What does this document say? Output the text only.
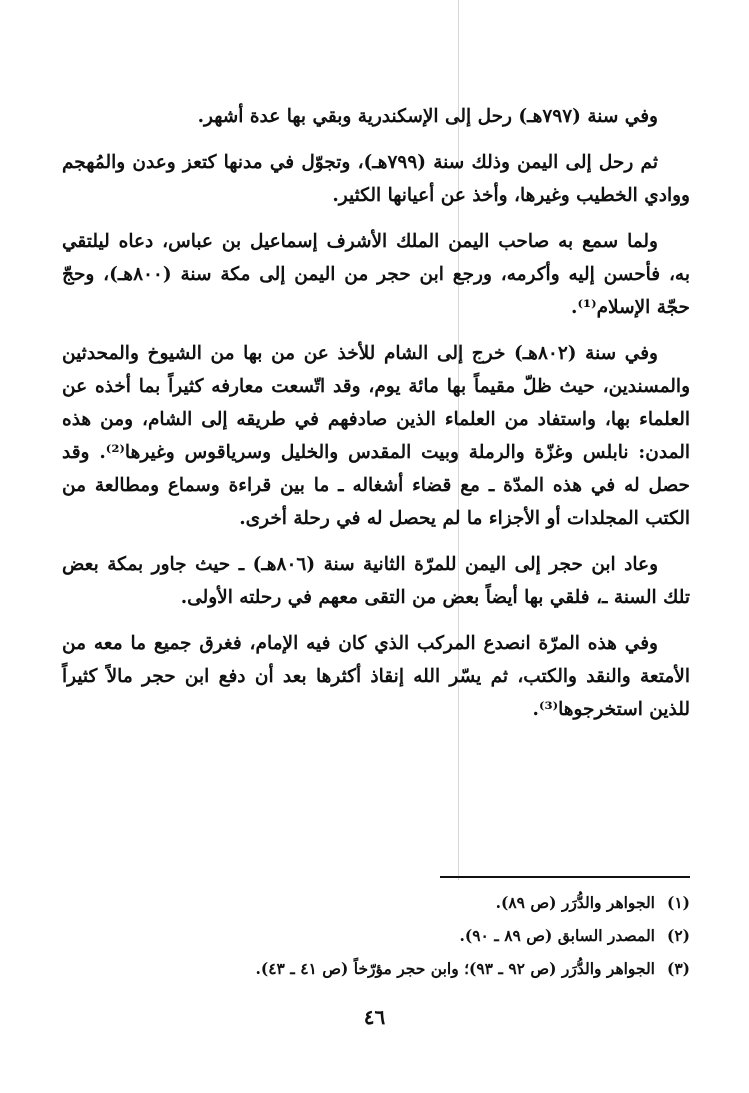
وفي سنة (٧٩٧هـ) رحل إلى الإسكندرية وبقي بها عدة أشهر.

ثم رحل إلى اليمن وذلك سنة (٧٩٩هـ)، وتجوّل في مدنها كتعز وعدن والمُهجم ووادي الخطيب وغيرها، وأخذ عن أعيانها الكثير.

ولما سمع به صاحب اليمن الملك الأشرف إسماعيل بن عباس، دعاه ليلتقي به، فأحسن إليه وأكرمه، ورجع ابن حجر من اليمن إلى مكة سنة (٨٠٠هـ)، وحجّ حجّة الإسلام⁽¹⁾.

وفي سنة (٨٠٢هـ) خرج إلى الشام للأخذ عن من بها من الشيوخ والمحدثين والمسندين، حيث ظلّ مقيماً بها مائة يوم، وقد اتّسعت معارفه كثيراً بما أخذه عن العلماء بها، واستفاد من العلماء الذين صادفهم في طريقه إلى الشام، ومن هذه المدن: نابلس وغزّة والرملة وبيت المقدس والخليل وسرياقوس وغيرها⁽²⁾. وقد حصل له في هذه المدّة ـ مع قضاء أشغاله ـ ما بين قراءة وسماع ومطالعة من الكتب المجلدات أو الأجزاء ما لم يحصل له في رحلة أخرى.

وعاد ابن حجر إلى اليمن للمرّة الثانية سنة (٨٠٦هـ) ـ حيث جاور بمكة بعض تلك السنة ـ، فلقي بها أيضاً بعض من التقى معهم في رحلته الأولى.

وفي هذه المرّة انصدع المركب الذي كان فيه الإمام، فغرق جميع ما معه من الأمتعة والنقد والكتب، ثم يسّر الله إنقاذ أكثرها بعد أن دفع ابن حجر مالاً كثيراً للذين استخرجوها⁽³⁾.

(١)الجواهر والدُّرَر (ص ٨٩).
(٢)المصدر السابق (ص ٨٩ ـ ٩٠).
(٣)الجواهر والدُّرَر (ص ٩٢ ـ ٩٣)؛ وابن حجر مؤرّخاً (ص ٤١ ـ ٤٣).
٤٦
